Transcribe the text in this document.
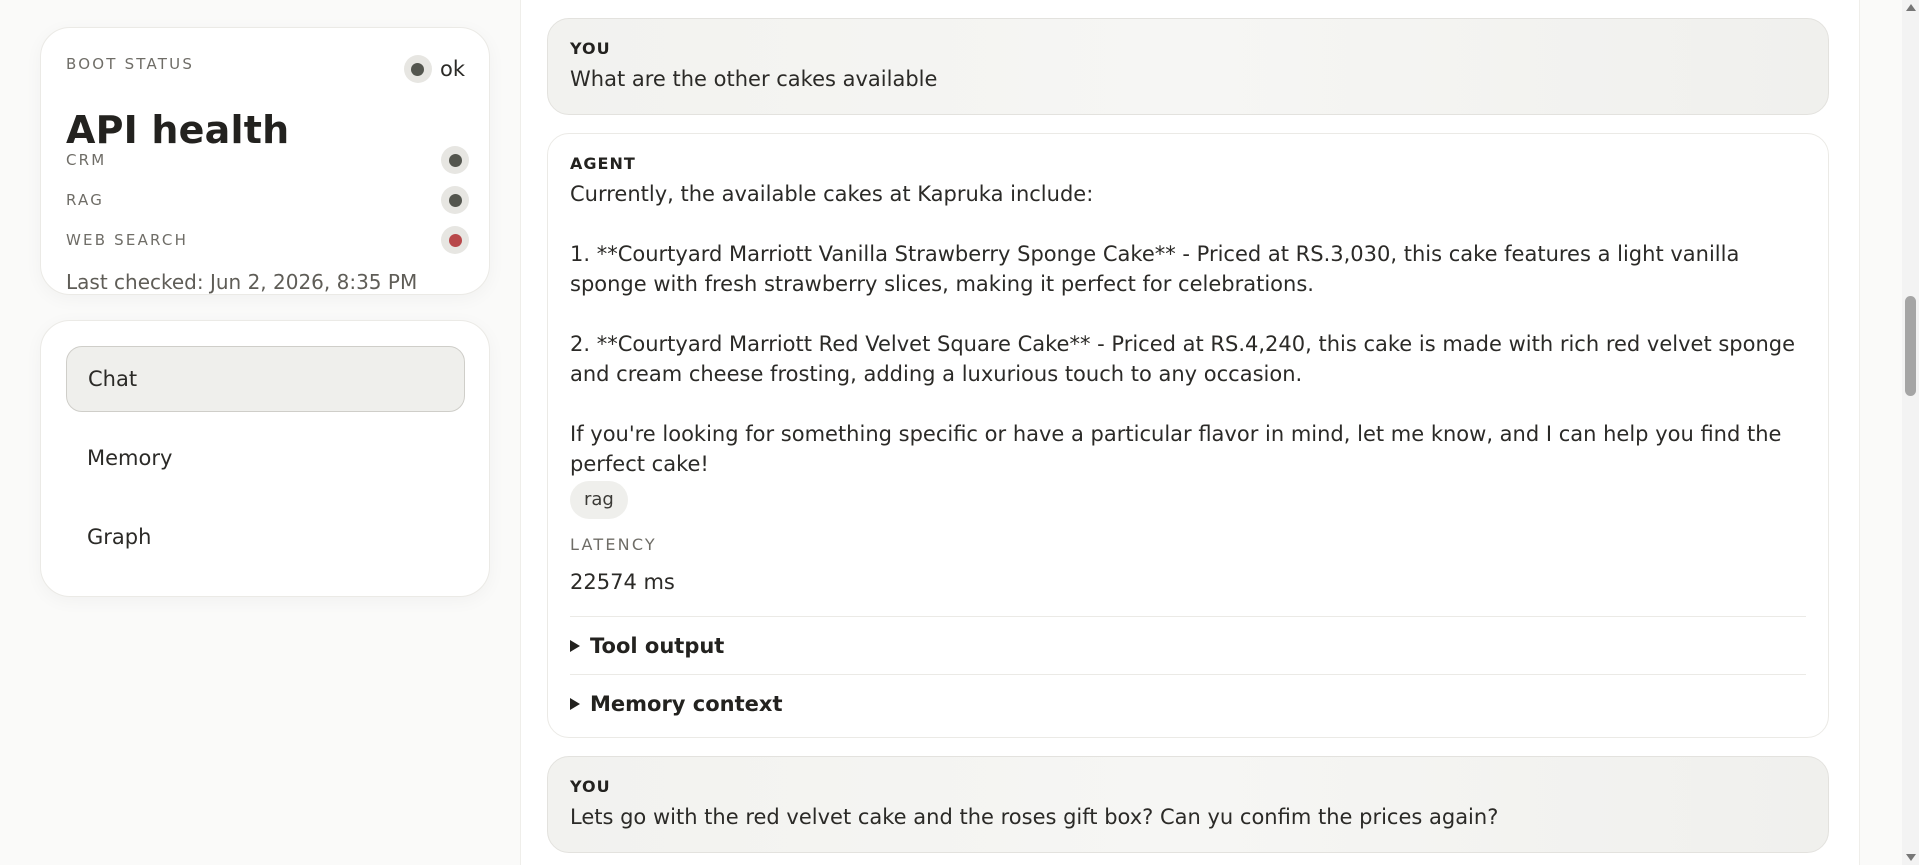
BOOT STATUS	ok
API health
CRM
RAG
WEB SEARCH
Last checked: Jun 2, 2026, 8:35 PM
Chat
Memory
Graph
YOU
What are the other cakes available
AGENT

Currently, the available cakes at Kapruka include:

1. **Courtyard Marriott Vanilla Strawberry Sponge Cake** - Priced at RS.3,030, this cake features a light vanilla sponge with fresh strawberry slices, making it perfect for celebrations.

2. **Courtyard Marriott Red Velvet Square Cake** - Priced at RS.4,240, this cake is made with rich red velvet sponge and cream cheese frosting, adding a luxurious touch to any occasion.

If you're looking for something specific or have a particular flavor in mind, let me know, and I can help you find the perfect cake!

rag
LATENCY
22574 ms
Tool output
Memory context
YOU
Lets go with the red velvet cake and the roses gift box? Can yu confim the prices again?
